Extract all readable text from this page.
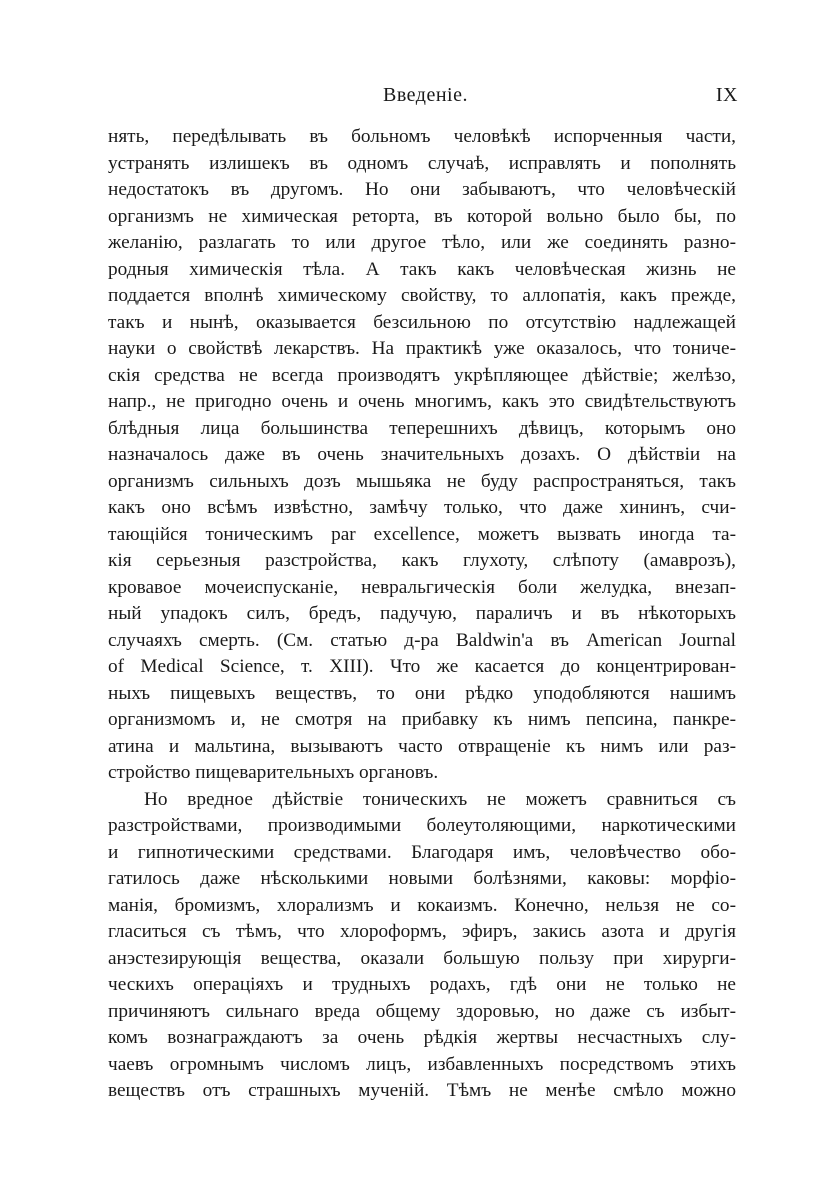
Введеніе.	IX

нять, передѣлывать въ больномъ человѣкѣ испорченныя части,

устранять излишекъ въ одномъ случаѣ, исправлять и пополнять

недостатокъ въ другомъ. Но они забываютъ, что человѣческій

организмъ не химическая реторта, въ которой вольно было бы, по

желанію, разлагать то или другое тѣло, или же соединять разно-

родныя химическія тѣла. А такъ какъ человѣческая жизнь не

поддается вполнѣ химическому свойству, то аллопатія, какъ прежде,

такъ и нынѣ, оказывается безсильною по отсутствію надлежащей

науки о свойствѣ лекарствъ. На практикѣ уже оказалось, что тониче-

скія средства не всегда производятъ укрѣпляющее дѣйствіе; желѣзо,

напр., не пригодно очень и очень многимъ, какъ это свидѣтельствуютъ

блѣдныя лица большинства теперешнихъ дѣвицъ, которымъ оно

назначалось даже въ очень значительныхъ дозахъ. О дѣйствіи на

организмъ сильныхъ дозъ мышьяка не буду распространяться, такъ

какъ оно всѣмъ извѣстно, замѣчу только, что даже хининъ, счи-

тающійся тоническимъ par excellence, можетъ вызвать иногда та-

кія серьезныя разстройства, какъ глухоту, слѣпоту (амаврозъ),

кровавое мочеиспусканіе, невральгическія боли желудка, внезап-

ный упадокъ силъ, бредъ, падучую, параличъ и въ нѣкоторыхъ

случаяхъ смерть. (См. статью д-ра Baldwin'а въ American Journal

of Medical Science, т. XIII). Что же касается до концентрирован-

ныхъ пищевыхъ веществъ, то они рѣдко уподобляются нашимъ

организмомъ и, не смотря на прибавку къ нимъ пепсина, панкре-

атина и мальтина, вызываютъ часто отвращеніе къ нимъ или раз-

стройство пищеварительныхъ органовъ.

Но вредное дѣйствіе тоническихъ не можетъ сравниться съ

разстройствами, производимыми болеутоляющими, наркотическими

и гипнотическими средствами. Благодаря имъ, человѣчество обо-

гатилось даже нѣсколькими новыми болѣзнями, каковы: морфіо-

манія, бромизмъ, хлорализмъ и кокаизмъ. Конечно, нельзя не со-

гласиться съ тѣмъ, что хлороформъ, эфиръ, закись азота и другія

анэстезирующія вещества, оказали большую пользу при хирурги-

ческихъ операціяхъ и трудныхъ родахъ, гдѣ они не только не

причиняютъ сильнаго вреда общему здоровью, но даже съ избыт-

комъ вознаграждаютъ за очень рѣдкія жертвы несчастныхъ слу-

чаевъ огромнымъ числомъ лицъ, избавленныхъ посредствомъ этихъ

веществъ отъ страшныхъ мученій. Тѣмъ не менѣе смѣло можно
